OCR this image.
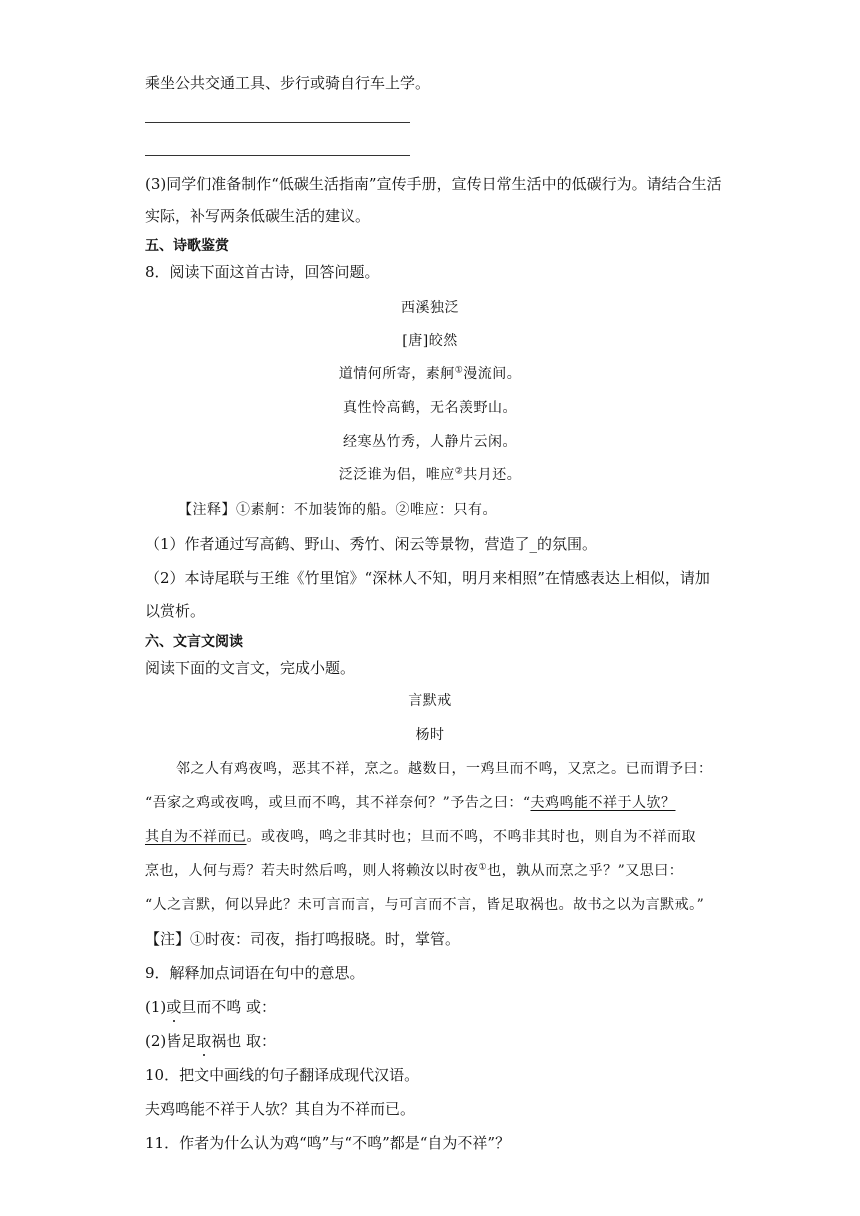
乘坐公共交通工具、步行或骑自行车上学。
(3)同学们准备制作“低碳生活指南”宣传手册，宣传日常生活中的低碳行为。请结合生活
实际，补写两条低碳生活的建议。
五、诗歌鉴赏
8．阅读下面这首古诗，回答问题。
西溪独泛
[唐]皎然
道情何所寄，素舸①漫流间。
真性怜高鹤，无名羡野山。
经寒丛竹秀，人静片云闲。
泛泛谁为侣，唯应②共月还。
【注释】①素舸：不加装饰的船。②唯应：只有。
（1）作者通过写高鹤、野山、秀竹、闲云等景物，营造了_的氛围。
（2）本诗尾联与王维《竹里馆》“深林人不知，明月来相照”在情感表达上相似，请加
以赏析。
六、文言文阅读
阅读下面的文言文，完成小题。
言默戒
杨时
邻之人有鸡夜鸣，恶其不祥，烹之。越数日，一鸡旦而不鸣，又烹之。已而谓予曰：
“吾家之鸡或夜鸣，或旦而不鸣，其不祥奈何？”予告之曰：“夫鸡鸣能不祥于人欤？
其自为不祥而已。或夜鸣，鸣之非其时也；旦而不鸣，不鸣非其时也，则自为不祥而取
烹也，人何与焉？若夫时然后鸣，则人将赖汝以时夜①也，孰从而烹之乎？”又思曰：
“人之言默，何以异此？未可言而言，与可言而不言，皆足取祸也。故书之以为言默戒。”
【注】①时夜：司夜，指打鸣报晓。时，掌管。
9．解释加点词语在句中的意思。
(1)或旦而不鸣 或：
(2)皆足取祸也 取：
10．把文中画线的句子翻译成现代汉语。
夫鸡鸣能不祥于人欤？其自为不祥而已。
11．作者为什么认为鸡“鸣”与“不鸣”都是“自为不祥”？
